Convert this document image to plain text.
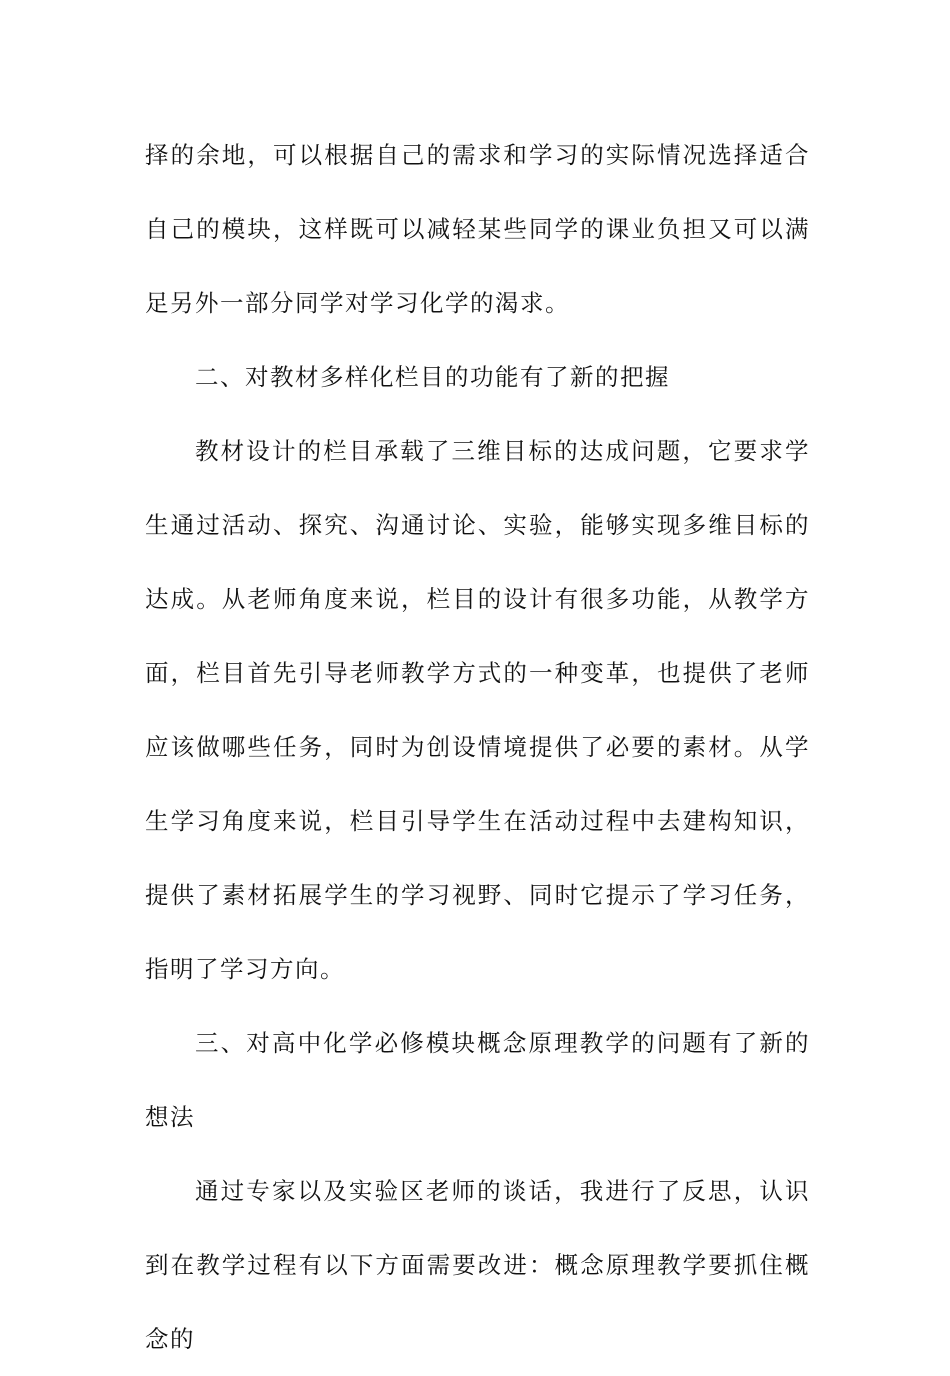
择的余地，可以根据自己的需求和学习的实际情况选择适合自己的模块，这样既可以减轻某些同学的课业负担又可以满足另外一部分同学对学习化学的渴求。

二、对教材多样化栏目的功能有了新的把握

教材设计的栏目承载了三维目标的达成问题，它要求学生通过活动、探究、沟通讨论、实验，能够实现多维目标的达成。从老师角度来说，栏目的设计有很多功能，从教学方面，栏目首先引导老师教学方式的一种变革，也提供了老师应该做哪些任务，同时为创设情境提供了必要的素材。从学生学习角度来说，栏目引导学生在活动过程中去建构知识，提供了素材拓展学生的学习视野、同时它提示了学习任务，指明了学习方向。

三、对高中化学必修模块概念原理教学的问题有了新的想法

通过专家以及实验区老师的谈话，我进行了反思，认识到在教学过程有以下方面需要改进：概念原理教学要抓住概念的
